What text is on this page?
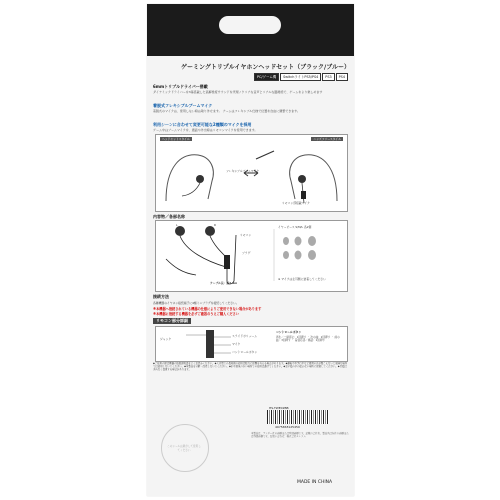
ゲーミングトリプルイヤホンヘッドセット（ブラック/ブルー）
PC/ゲーム機	SwitchライトPS5/PS4	PS3	PS4
6mmトリプルドライバー搭載
ダイナミックドライバーを3基搭載した高解像度サウンドを実現 / クリアな音声とリアルな臨場感で、ゲームをより楽しめます
着脱式フレキシブルブームマイク
着脱式のマイクは、使用しない時は取り外せます。 アームはフレキシブル仕様で位置を自由に調整できます。
利用シーンに合わせて変更可能な2種類のマイクを採用
ゲーム中はブームマイクを、通話や外出時はリモコンマイクを使用できます。
ヘッドセットスタイル	ハンズフリースタイル
フレキシブルブームマイク
リモコン部搭載マイク
内容物／各部名称
L	R
リモコン
プラグ
イヤーピース S/M/L 各2個
ケーブル長：約1.2m
※ マイクは左耳側に装着してください
接続方法
各種機器のイヤホン接続端子に4極ミニプラグを接続してください。
※本機器へ接続されている機器の仕様によりご使用できない場合があります
※本機器に接続する機器を必ずご確認のうえご購入ください
リモコン部分詳細
ジャック
スライドボリューム
マイク
コントロールボタン
コントロールボタン
再生／一時停止：1回押す ・ 次の曲：2回押す ・ 前の曲：3回押す ・ 着信応答／終話：1回押す
◆ご使用の際は機器の取扱説明書をよくお読みください。◆大音量での長時間の使用は聴力に影響を与える場合があります。◆運転中や歩行中など周囲の音が聞こえないと危険な場所では使用しないでください。◆本製品を分解・改造しないでください。◆水や湿気の多い場所での使用は避けてください。◆お子様の手の届かない場所に保管してください。◆仕様は予告なく変更する場合があります。
HS-TWE02BB
4975658125459
このシールは剥がして使用してください
本製品は、アンダー社の商標または登録商標です。記載の会社名、製品名は各社の商標または登録商標です。お問い合わせ：株式会社エレコム
MADE IN CHINA
